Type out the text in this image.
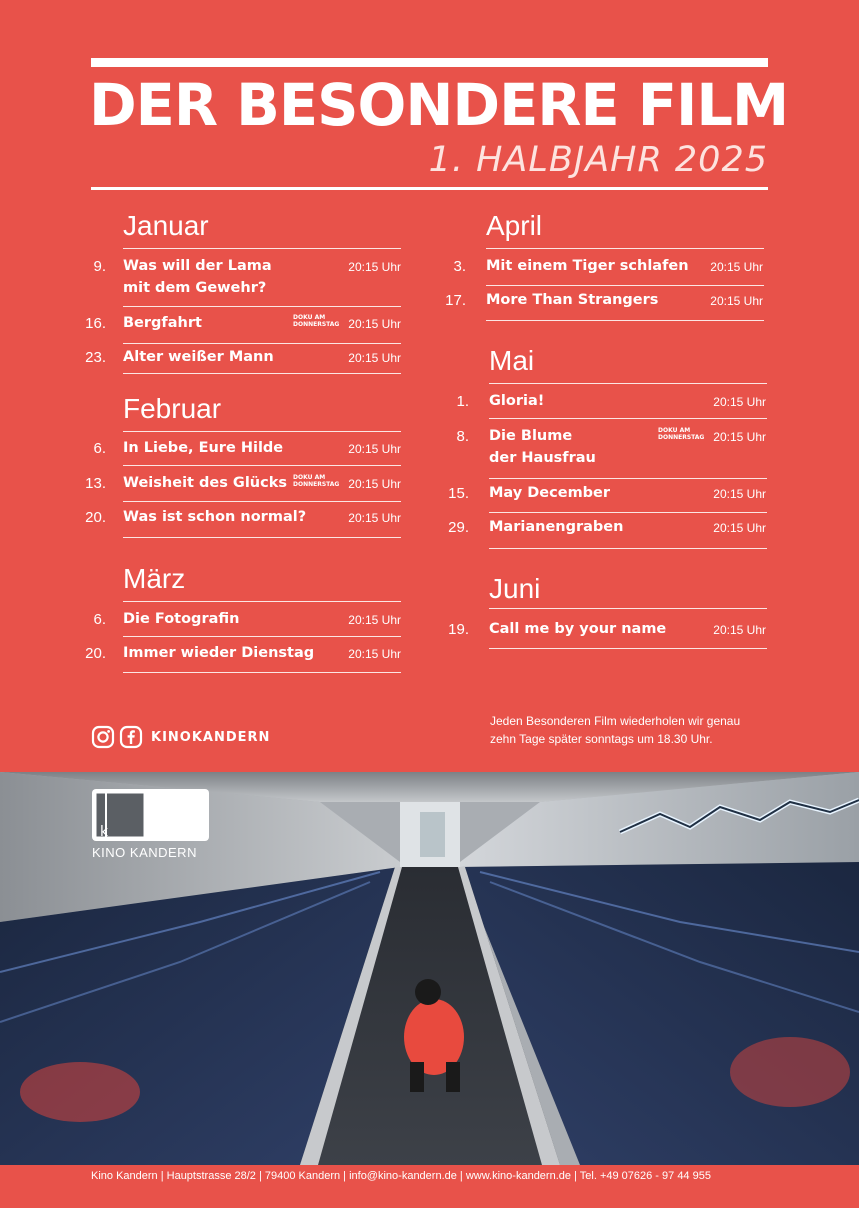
DER BESONDERE FILM
1. HALBJAHR 2025
Januar
9. Was will der Lama
mit dem Gewehr?
20:15 Uhr
16. Bergfahrt	20:15 Uhr
DOKU AM
DONNERSTAG
23. Alter weißer Mann	20:15 Uhr
Februar
6. In Liebe, Eure Hilde	20:15 Uhr
13. Weisheit des Glücks	20:15 Uhr
DOKU AM
DONNERSTAG
20. Was ist schon normal?	20:15 Uhr
März
6. Die Fotografin	20:15 Uhr
20. Immer wieder Dienstag	20:15 Uhr
April
3. Mit einem Tiger schlafen	20:15 Uhr
17. More Than Strangers	20:15 Uhr
Mai
1. Gloria!	20:15 Uhr
8. Die Blume
der Hausfrau
20:15 Uhr
DOKU AM
DONNERSTAG
15. May December	20:15 Uhr
29. Marianengraben	20:15 Uhr
Juni
19. Call me by your name	20:15 Uhr
KINOKANDERN
Jeden Besonderen Film wiederholen wir genau
zehn Tage später sonntags um 18.30 Uhr.
k
KINO KANDERN
Kino Kandern | Hauptstrasse 28/2 | 79400 Kandern | info@kino-kandern.de | www.kino-kandern.de | Tel. +49 07626 - 97 44 955
